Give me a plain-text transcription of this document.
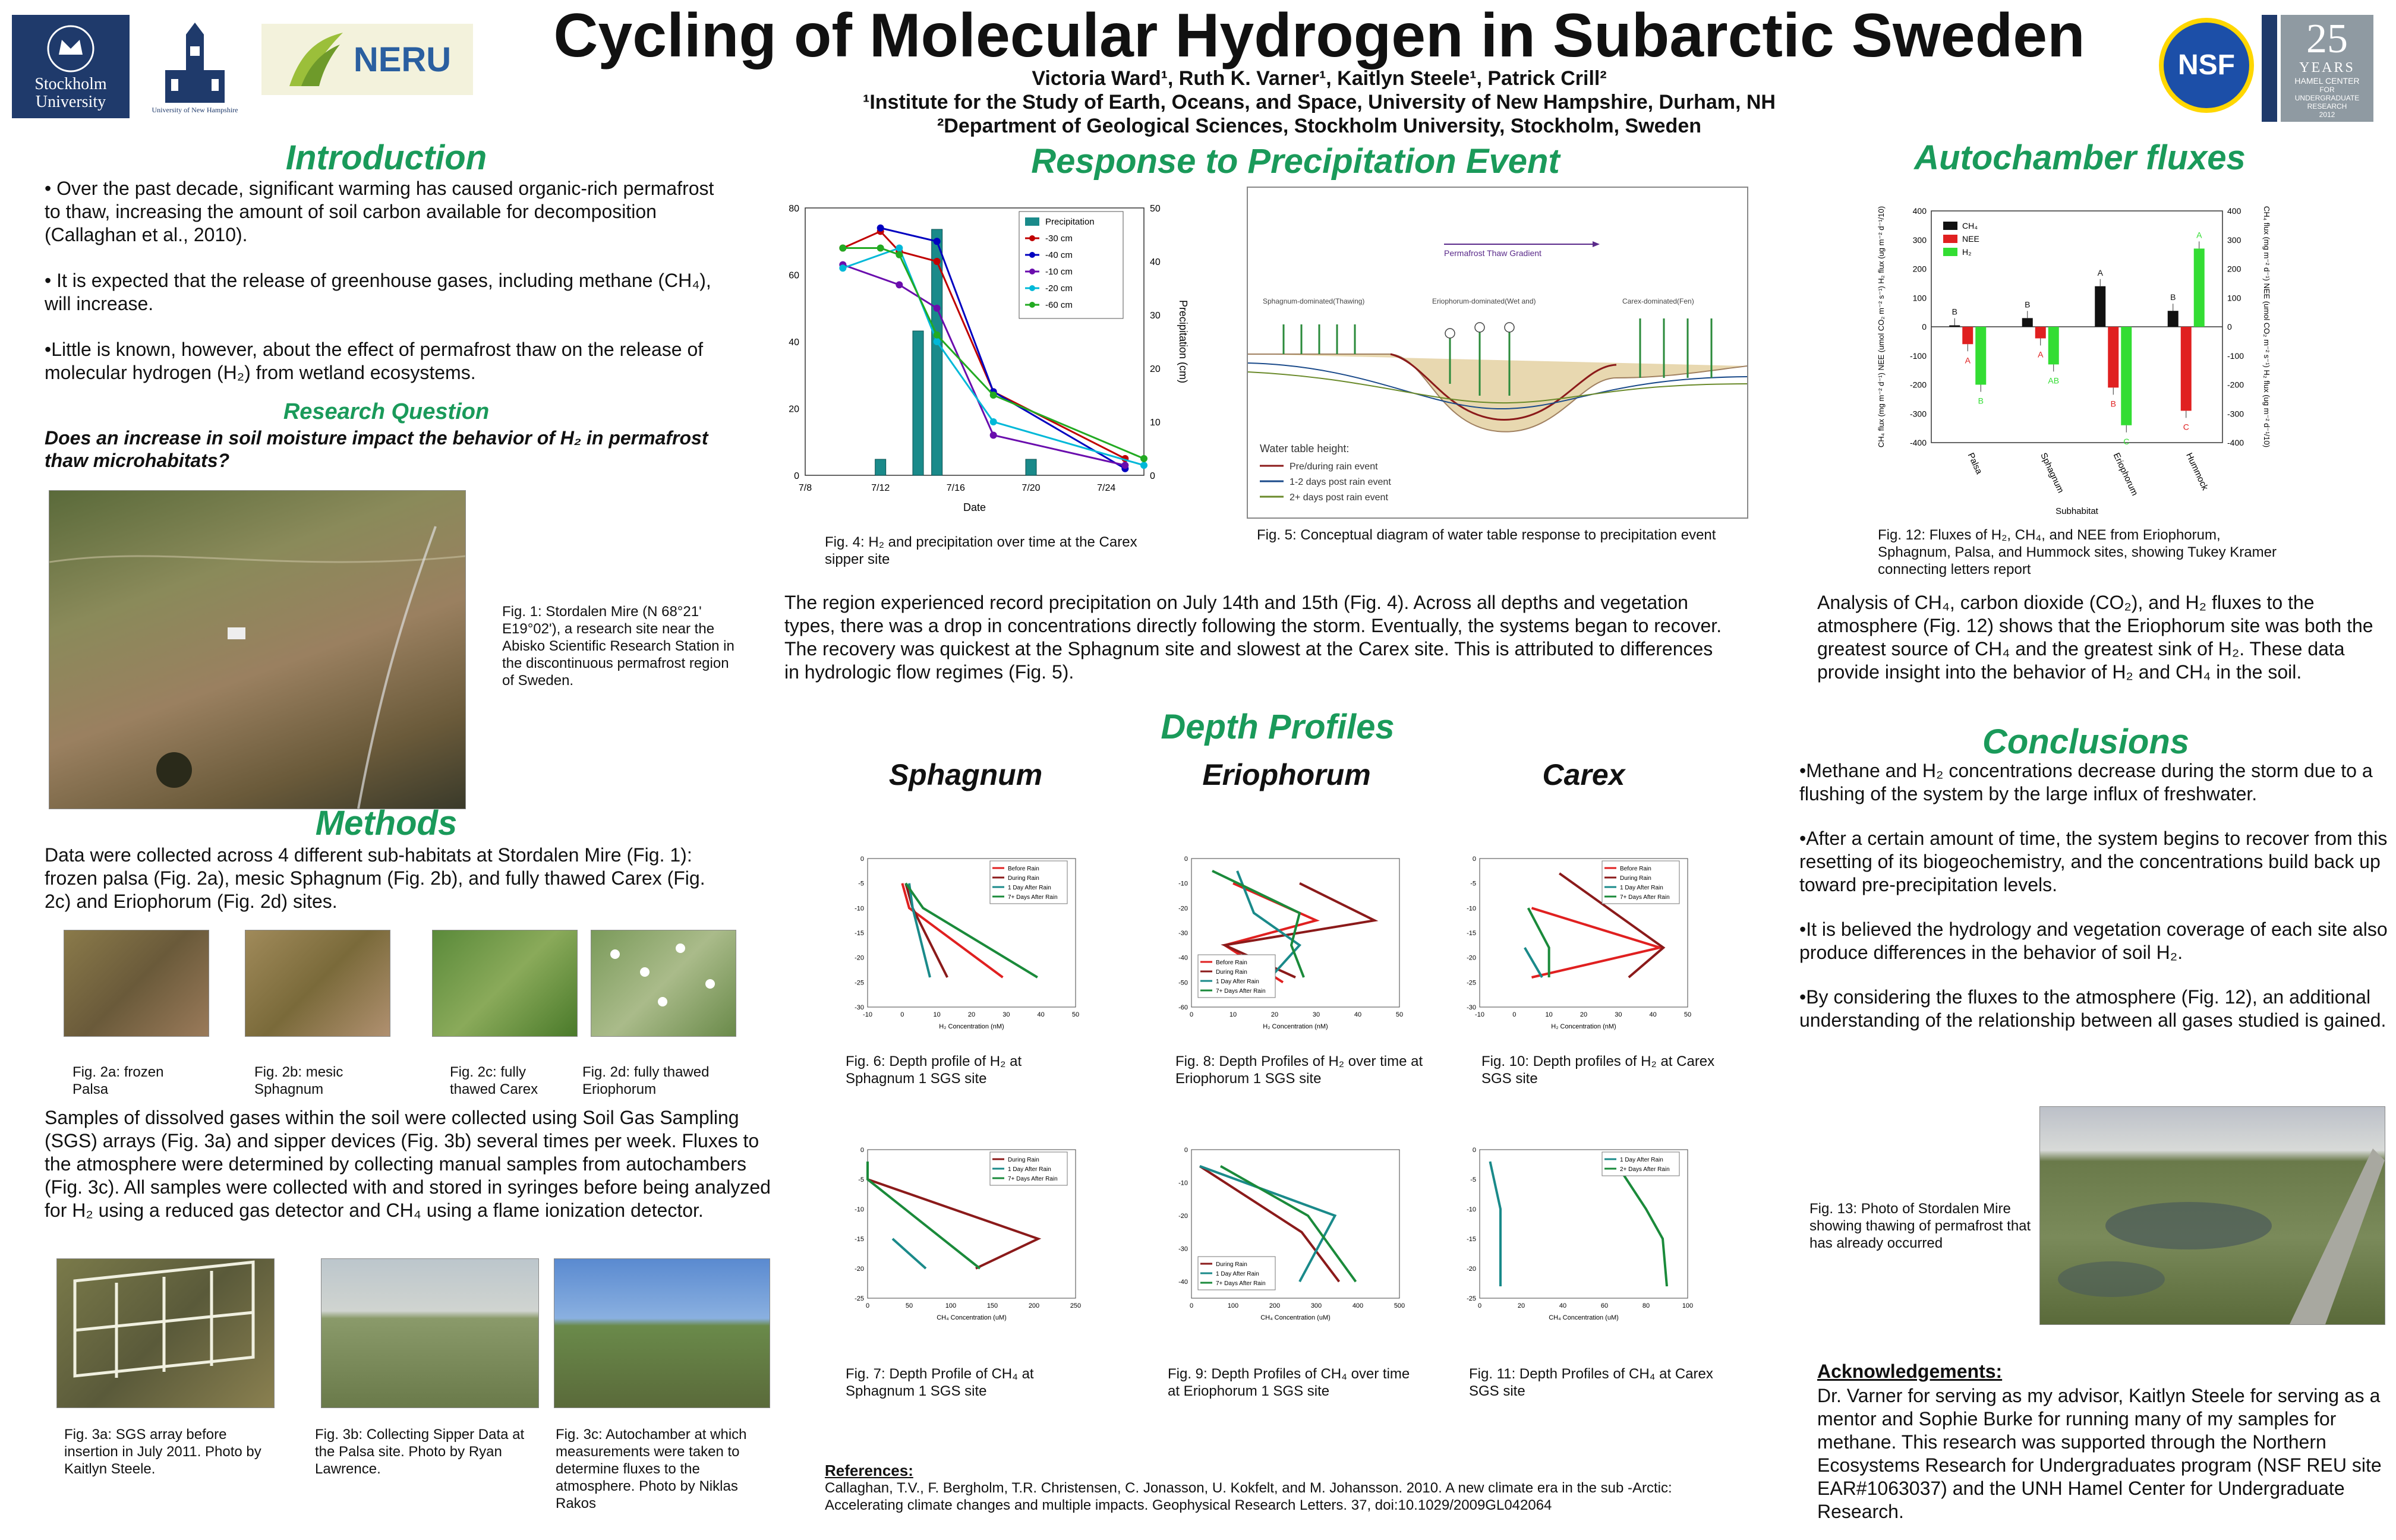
Stockholm University	University of New Hampshire
NERU	Cycling of Molecular Hydrogen in Subarctic Sweden
Victoria Ward¹, Ruth K. Varner¹, Kaitlyn Steele¹, Patrick Crill²
¹Institute for the Study of Earth, Oceans, and Space, University of New Hampshire, Durham, NH
²Department of Geological Sciences, Stockholm University, Stockholm, Sweden
NSF
25
YEARS
HAMEL CENTER
FOR
UNDERGRADUATE RESEARCH
2012
Introduction
• Over the past decade, significant warming has caused organic-rich permafrost to thaw, increasing the amount of soil carbon available for decomposition (Callaghan et al., 2010).
• It is expected that the release of greenhouse gases, including methane (CH₄), will increase.
•Little is known, however, about the effect of permafrost thaw on the release of molecular hydrogen (H₂) from wetland ecosystems.
Research Question
Does an increase in soil moisture impact the behavior of H₂ in permafrost thaw microhabitats?
Fig. 1: Stordalen Mire (N 68°21' E19°02'), a research site near the Abisko Scientific Research Station in the discontinuous permafrost region of Sweden.
Methods
Data were collected across 4 different sub-habitats at Stordalen Mire (Fig. 1): frozen palsa (Fig. 2a), mesic Sphagnum (Fig. 2b), and fully thawed Carex (Fig. 2c) and Eriophorum (Fig. 2d) sites.
Fig. 2a: frozen Palsa
Fig. 2b: mesic Sphagnum
Fig. 2c: fully thawed Carex
Fig. 2d: fully thawed Eriophorum
Samples of dissolved gases within the soil were collected using Soil Gas Sampling (SGS) arrays (Fig. 3a) and sipper devices (Fig. 3b) several times per week. Fluxes to the atmosphere were determined by collecting manual samples from autochambers (Fig. 3c). All samples were collected with and stored in syringes before being analyzed for H₂ using a reduced gas detector and CH₄ using a flame ionization detector.
Fig. 3a: SGS array before insertion in July 2011. Photo by Kaitlyn Steele.
Fig. 3b: Collecting Sipper Data at the Palsa site. Photo by Ryan Lawrence.
Fig. 3c: Autochamber at which measurements were taken to determine fluxes to the atmosphere. Photo by Niklas Rakos
Response to Precipitation Event
0
20
40
60
80
0
10
20
30
40
50
7/8	7/12	7/16	7/20	7/24
Date
Precipitation (cm)
Precipitation
-30 cm
-40 cm
-10 cm
-20 cm
-60 cm
Fig. 4: H₂ and precipitation over time at the Carex sipper site
Permafrost Thaw Gradient
Sphagnum-dominated(Thawing)	Eriophorum-dominated(Wet and)	Carex-dominated(Fen)
Water table height:
Pre/during rain event
1-2 days post rain event
2+ days post rain event
Fig. 5: Conceptual diagram of water table response to precipitation event
The region experienced record precipitation on July 14th and 15th (Fig. 4). Across all depths and vegetation types, there was a drop in concentrations directly following the storm. Eventually, the systems began to recover. The recovery was quickest at the Sphagnum site and slowest at the Carex site. This is attributed to differences in hydrologic flow regimes (Fig. 5).
Depth Profiles
Sphagnum	Eriophorum	Carex
-10	0	10	20	30	40	50
0
-5
-10
-15
-20
-25
-30
H₂ Concentration (nM)
Before Rain
During Rain
1 Day After Rain
7+ Days After Rain
0	10	20	30	40	50
0
-10
-20
-30
-40
-50
-60
H₂ Concentration (nM)
Before Rain
During Rain
1 Day After Rain
7+ Days After Rain
-10	0	10	20	30	40	50
0
-5
-10
-15
-20
-25
-30
H₂ Concentration (nM)
Before Rain
During Rain
1 Day After Rain
7+ Days After Rain
Fig. 6: Depth profile of H₂ at Sphagnum 1 SGS site
Fig. 8: Depth Profiles of H₂ over time at Eriophorum 1 SGS site
Fig. 10: Depth profiles of H₂ at Carex SGS site
0	50	100	150	200	250
0
-5
-10
-15
-20
-25
CH₄ Concentration (uM)
During Rain
1 Day After Rain
7+ Days After Rain
0	100	200	300	400	500
0
-10
-20
-30
-40
CH₄ Concentration (uM)
During Rain
1 Day After Rain
7+ Days After Rain
0	20	40	60	80	100
0
-5
-10
-15
-20
-25
CH₄ Concentration (uM)
1 Day After Rain
2+ Days After Rain
Fig. 7: Depth Profile of CH₄ at Sphagnum 1 SGS site
Fig. 9: Depth Profiles of CH₄ over time at Eriophorum 1 SGS site
Fig. 11: Depth Profiles of CH₄ at Carex SGS site
References:
Callaghan, T.V., F. Bergholm, T.R. Christensen, C. Jonasson, U. Kokfelt, and M. Johansson. 2010. A new climate era in the sub -Arctic: Accelerating climate changes and multiple impacts. Geophysical Research Letters. 37, doi:10.1029/2009GL042064
Autochamber fluxes
400	400
300	300
200	200
100	100
0	0
-100	-100
-200	-200
-300	-300
-400	-400
CH₄ flux (mg m⁻² d⁻¹) NEE (umol CO₂ m⁻² s⁻¹) H₂ flux (ug m⁻² d⁻¹/10)	CH₄ flux (mg m⁻² d⁻¹) NEE (umol CO₂ m⁻² s⁻¹) H₂ flux (ug m⁻² d⁻¹/10)
B
A
B
Palsa
B
A
AB
Sphagnum
A
B
C
Eriophorum
B
C
A
Hummock
Subhabitat
CH₄
NEE
H₂
Fig. 12: Fluxes of H₂, CH₄, and NEE from Eriophorum, Sphagnum, Palsa, and Hummock sites, showing Tukey Kramer connecting letters report
Analysis of CH₄, carbon dioxide (CO₂), and H₂ fluxes to the atmosphere (Fig. 12) shows that the Eriophorum site was both the greatest source of CH₄ and the greatest sink of H₂. These data provide insight into the behavior of H₂ and CH₄ in the soil.
Conclusions
•Methane and H₂ concentrations decrease during the storm due to a flushing of the system by the large influx of freshwater.
•After a certain amount of time, the system begins to recover from this resetting of its biogeochemistry, and the concentrations build back up toward pre-precipitation levels.
•It is believed the hydrology and vegetation coverage of each site also produce differences in the behavior of soil H₂.
•By considering the fluxes to the atmosphere (Fig. 12), an additional understanding of the relationship between all gases studied is gained.
Fig. 13: Photo of Stordalen Mire showing thawing of permafrost that has already occurred
Acknowledgements:
Dr. Varner for serving as my advisor, Kaitlyn Steele for serving as a mentor and Sophie Burke for running many of my samples for methane. This research was supported through the Northern Ecosystems Research for Undergraduates program (NSF REU site EAR#1063037) and the UNH Hamel Center for Undergraduate Research.
